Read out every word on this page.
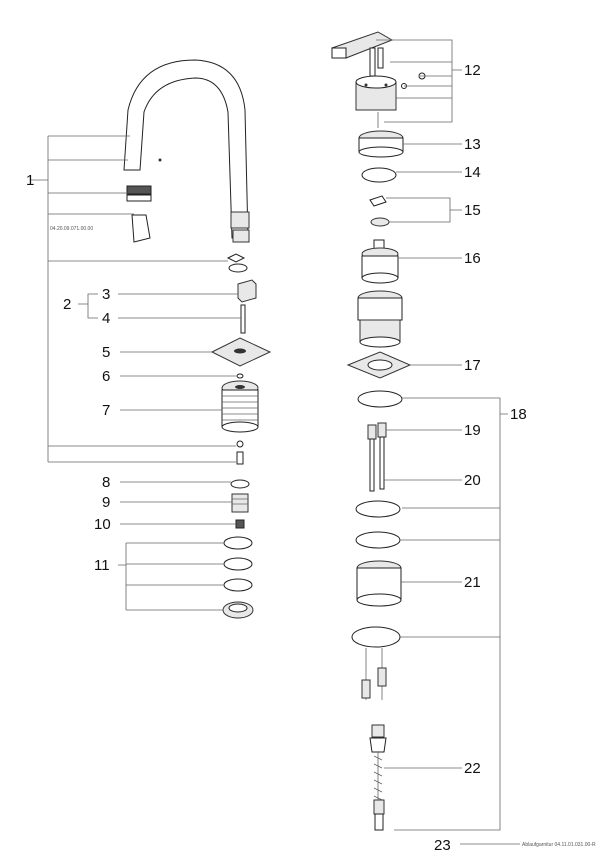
04.20.09.071.00.00
1
2
3
4
5
6
7
8
9
10
11
12
13
14
15
16
17
18
19
20
21
22
23	Ablaufgarnitur 04.11.01.031.00-R
